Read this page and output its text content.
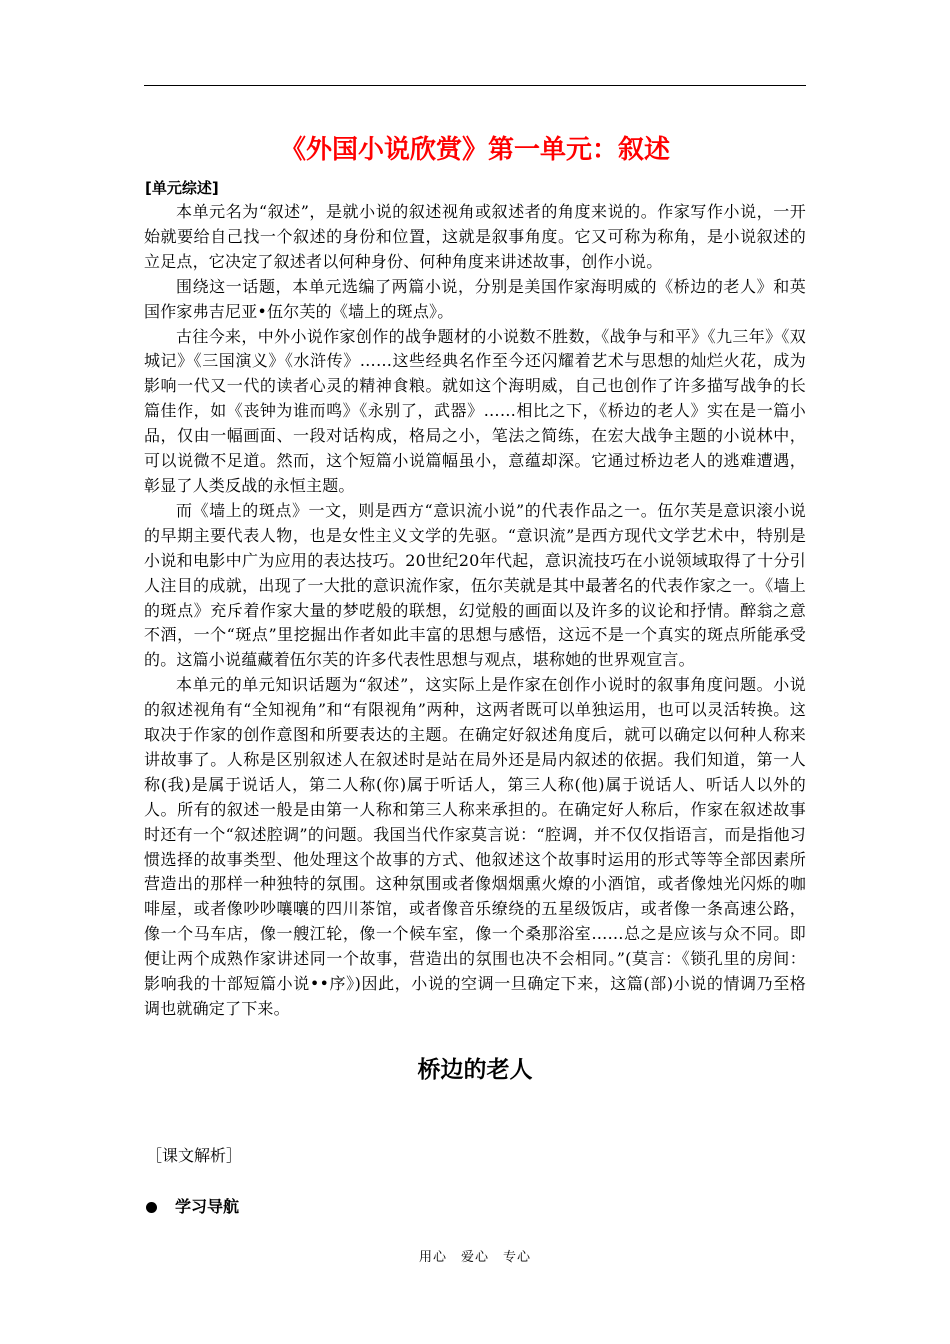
《外国小说欣赏》第一单元：叙述

[单元综述]

本单元名为“叙述”，是就小说的叙述视角或叙述者的角度来说的。作家写作小说，一开始就要给自己找一个叙述的身份和位置，这就是叙事角度。它又可称为称角，是小说叙述的立足点，它决定了叙述者以何种身份、何种角度来讲述故事，创作小说。

围绕这一话题，本单元选编了两篇小说，分别是美国作家海明威的《桥边的老人》和英国作家弗吉尼亚•伍尔芙的《墙上的斑点》。

古往今来，中外小说作家创作的战争题材的小说数不胜数，《战争与和平》《九三年》《双城记》《三国演义》《水浒传》……这些经典名作至今还闪耀着艺术与思想的灿烂火花，成为影响一代又一代的读者心灵的精神食粮。就如这个海明威，自己也创作了许多描写战争的长篇佳作，如《丧钟为谁而鸣》《永别了，武器》……相比之下，《桥边的老人》实在是一篇小品，仅由一幅画面、一段对话构成，格局之小，笔法之简练，在宏大战争主题的小说林中，可以说微不足道。然而，这个短篇小说篇幅虽小，意蕴却深。它通过桥边老人的逃难遭遇，彰显了人类反战的永恒主题。

而《墙上的斑点》一文，则是西方“意识流小说”的代表作品之一。伍尔芙是意识滚小说的早期主要代表人物，也是女性主义文学的先驱。“意识流”是西方现代文学艺术中，特别是小说和电影中广为应用的表达技巧。20世纪20年代起，意识流技巧在小说领域取得了十分引人注目的成就，出现了一大批的意识流作家，伍尔芙就是其中最著名的代表作家之一。《墙上的斑点》充斥着作家大量的梦呓般的联想，幻觉般的画面以及许多的议论和抒情。醉翁之意不酒，一个“斑点”里挖掘出作者如此丰富的思想与感悟，这远不是一个真实的斑点所能承受的。这篇小说蕴藏着伍尔芙的许多代表性思想与观点，堪称她的世界观宣言。

本单元的单元知识话题为“叙述”，这实际上是作家在创作小说时的叙事角度问题。小说的叙述视角有“全知视角”和“有限视角”两种，这两者既可以单独运用，也可以灵活转换。这取决于作家的创作意图和所要表达的主题。在确定好叙述角度后，就可以确定以何种人称来讲故事了。人称是区别叙述人在叙述时是站在局外还是局内叙述的依据。我们知道，第一人称(我)是属于说话人，第二人称(你)属于听话人，第三人称(他)属于说话人、听话人以外的人。所有的叙述一般是由第一人称和第三人称来承担的。在确定好人称后，作家在叙述故事时还有一个“叙述腔调”的问题。我国当代作家莫言说：“腔调，并不仅仅指语言，而是指他习惯选择的故事类型、他处理这个故事的方式、他叙述这个故事时运用的形式等等全部因素所营造出的那样一种独特的氛围。这种氛围或者像烟烟熏火燎的小酒馆，或者像烛光闪烁的咖啡屋，或者像吵吵嚷嚷的四川茶馆，或者像音乐缭绕的五星级饭店，或者像一条高速公路，像一个马车店，像一艘江轮，像一个候车室，像一个桑那浴室……总之是应该与众不同。即便让两个成熟作家讲述同一个故事，营造出的氛围也决不会相同。”(莫言：《锁孔里的房间：影响我的十部短篇小说••序》)因此，小说的空调一旦确定下来，这篇(部)小说的情调乃至格调也就确定了下来。

桥边的老人

［课文解析］

学习导航

用心　爱心　专心
